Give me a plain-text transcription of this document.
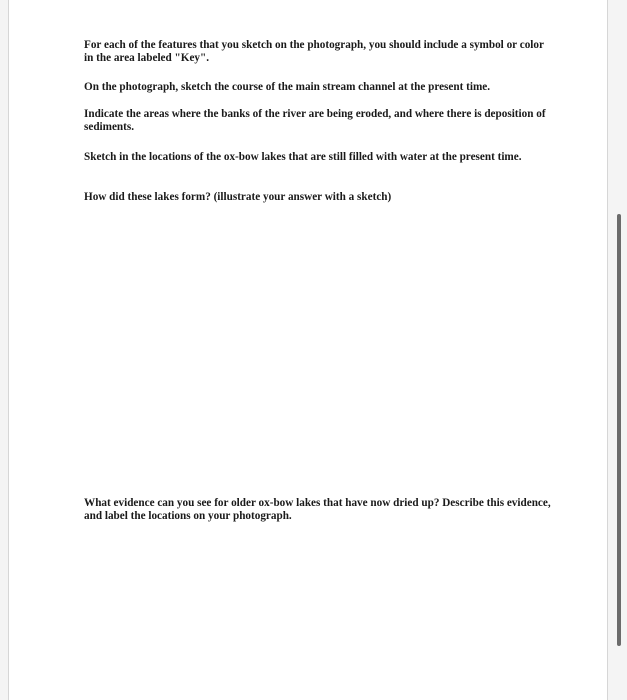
For each of the features that you sketch on the photograph, you should include a symbol or color in the area labeled "Key".

On the photograph, sketch the course of the main stream channel at the present time.

Indicate the areas where the banks of the river are being eroded, and where there is deposition of sediments.

Sketch in the locations of the ox-bow lakes that are still filled with water at the present time.

How did these lakes form? (illustrate your answer with a sketch)

What evidence can you see for older ox-bow lakes that have now dried up? Describe this evidence, and label the locations on your photograph.
